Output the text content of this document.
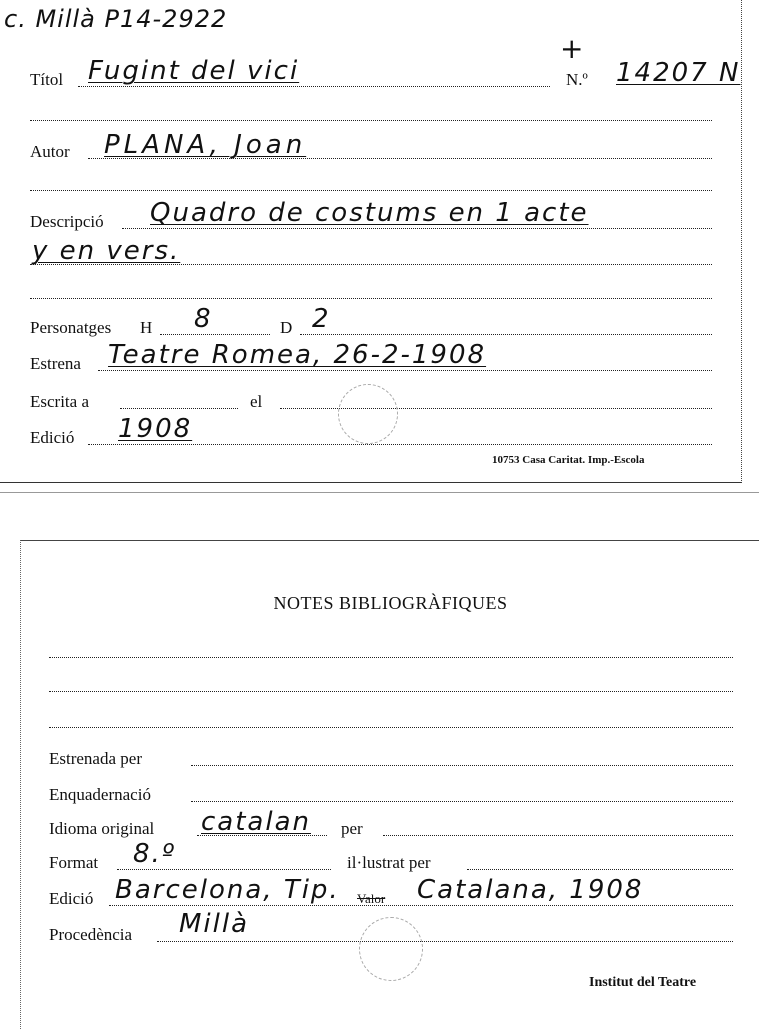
c. Millà P14-2922
Títol Fugint del vici
+
N.º 14207 N
Autor PLANA, Joan
Descripció Quadro de costums en 1 acte
y en vers.
Personatges H 8	D 2
Estrena Teatre Romea, 26-2-1908
Escrita a	el
Edició 1908
10753 Casa Caritat. Imp.-Escola
NOTES BIBLIOGRÀFIQUES
Estrenada per
Enquadernació
Idioma original catalan per
Format 8.º	il·lustrat per
Edició Barcelona, Tip. Valor Catalana, 1908
Procedència Millà
Institut del Teatre
